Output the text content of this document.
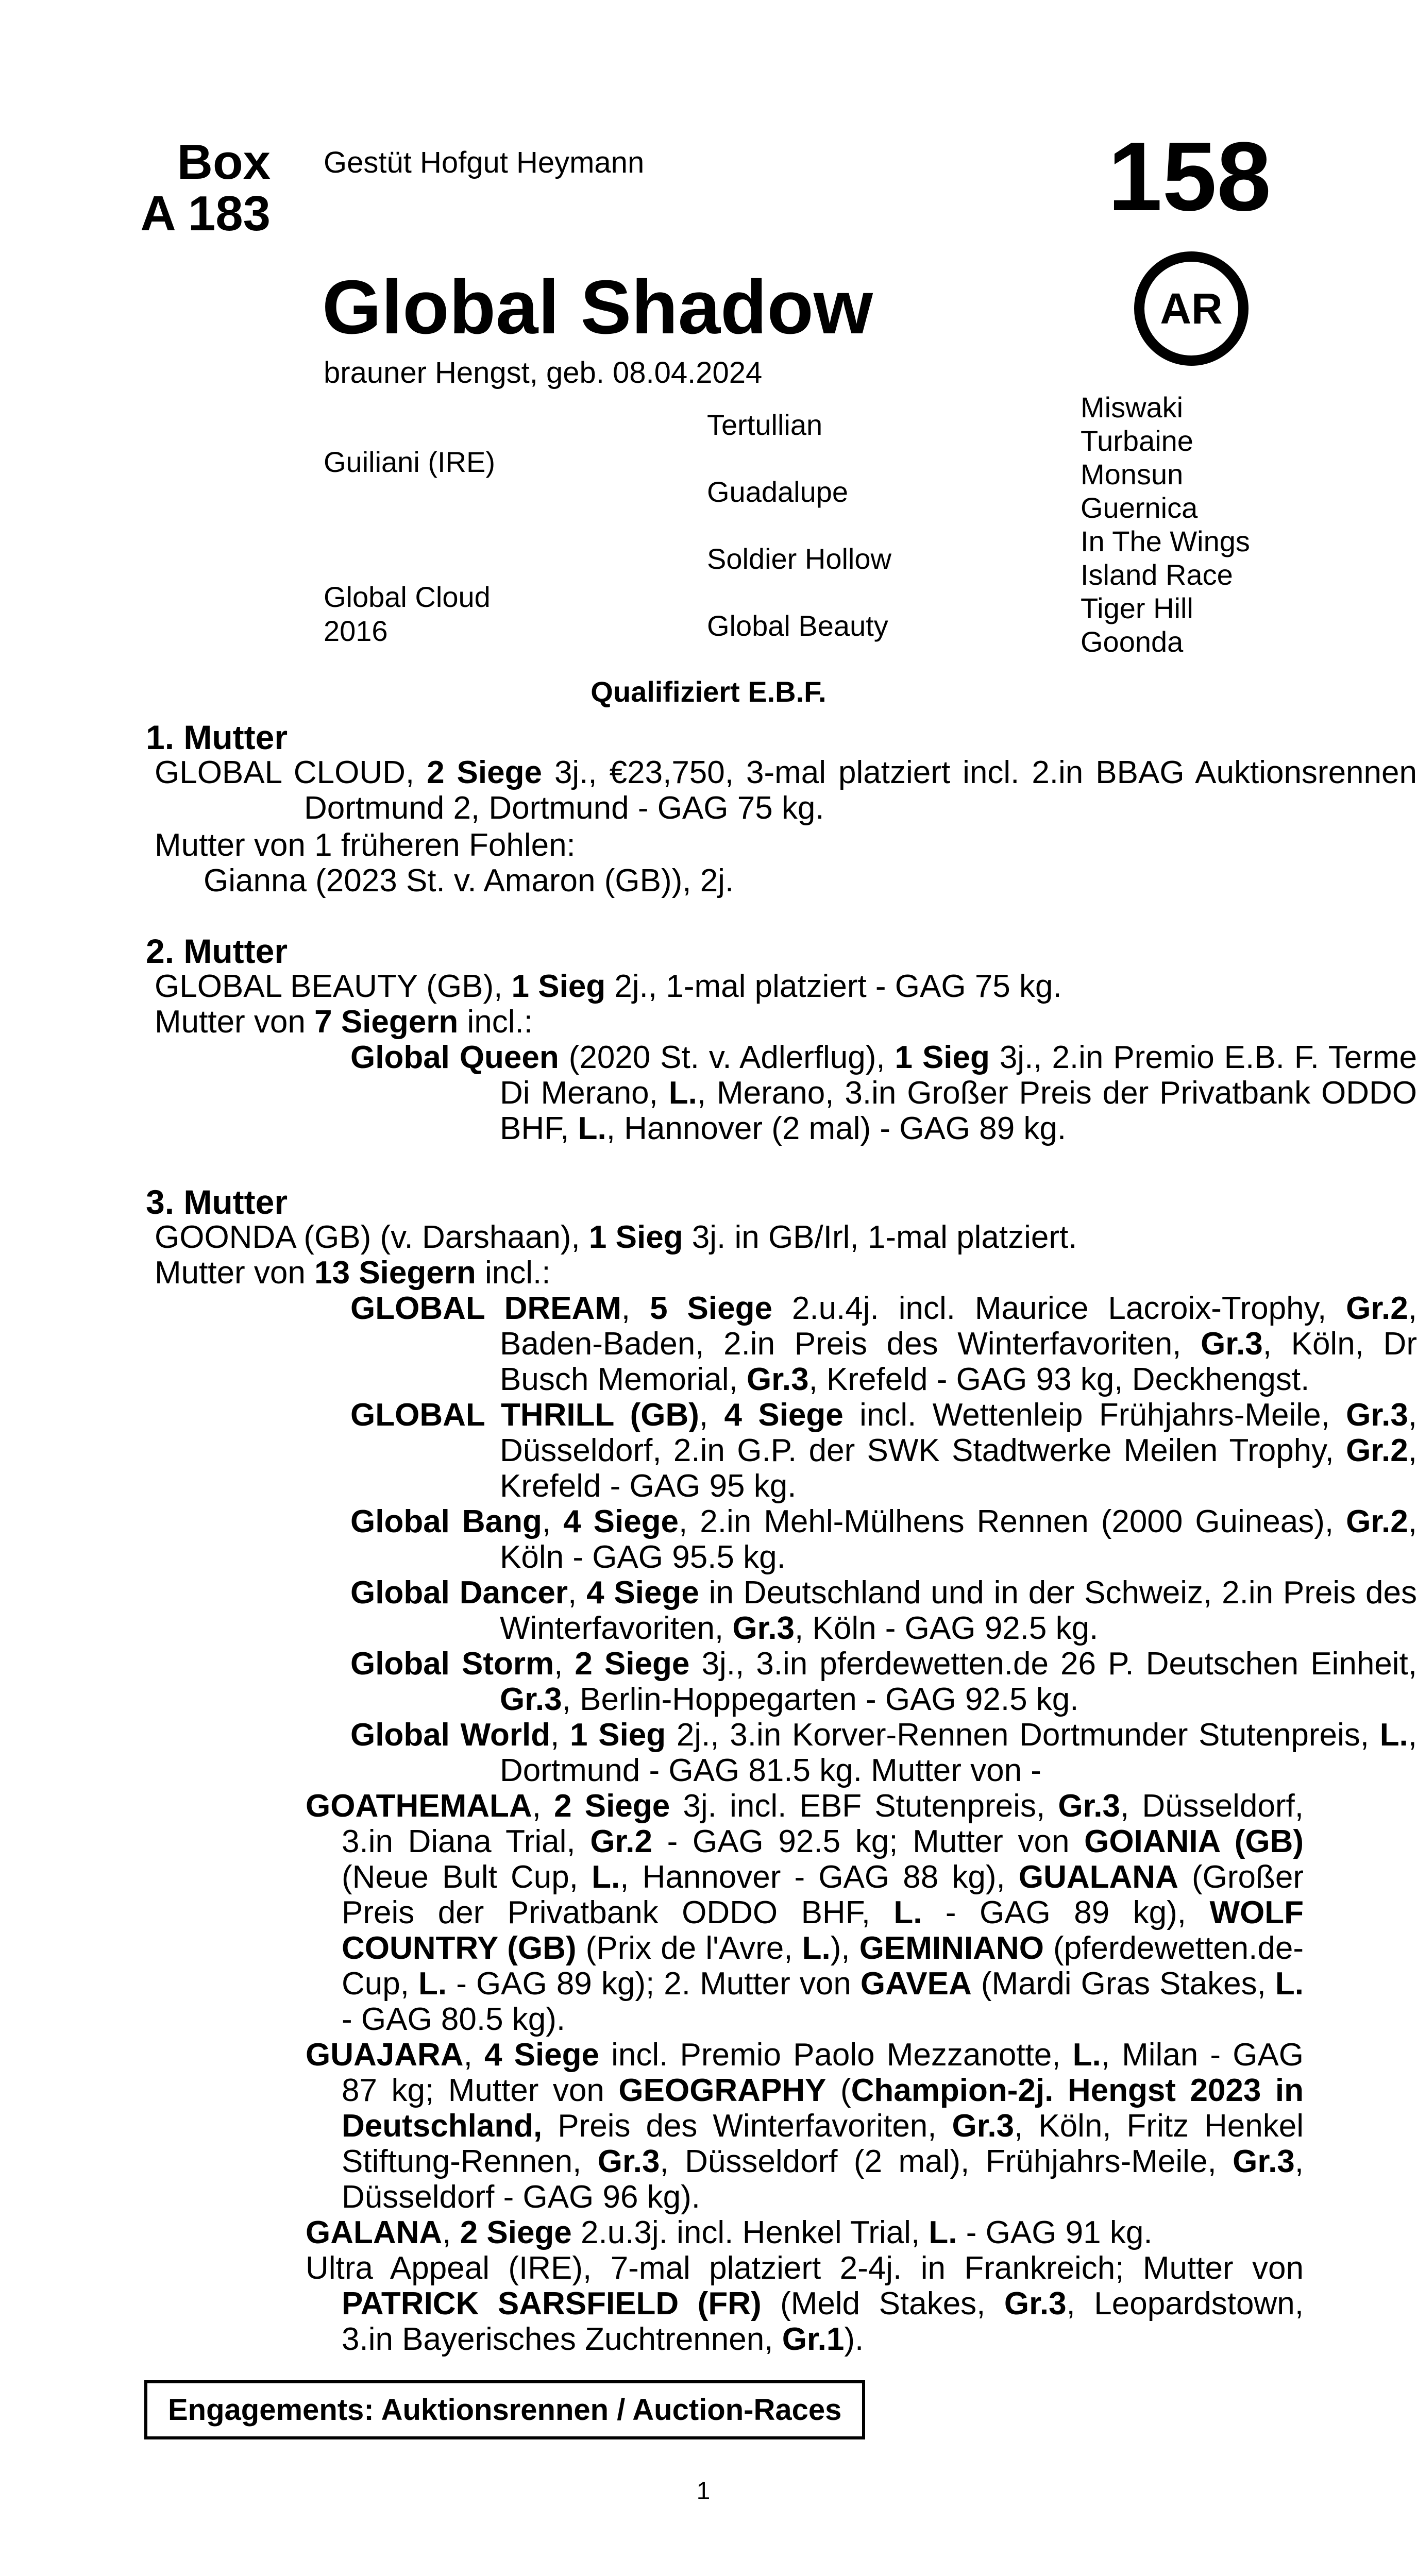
Box
A 183
Gestüt Hofgut Heymann	158
AR
Global Shadow
brauner Hengst, geb. 08.04.2024
Guiliani (IRE)
Global Cloud
2016
Tertullian
Guadalupe
Soldier Hollow
Global Beauty
Miswaki
Turbaine
Monsun
Guernica
In The Wings
Island Race
Tiger Hill
Goonda
Qualifiziert E.B.F.
1. Mutter
GLOBAL CLOUD, 2 Siege 3j., €23,750, 3-mal platziert incl. 2.in BBAG Auktionsrennen Dortmund 2, Dortmund - GAG 75 kg.
Mutter von 1 früheren Fohlen:
Gianna (2023 St. v. Amaron (GB)), 2j.
2. Mutter
GLOBAL BEAUTY (GB), 1 Sieg 2j., 1-mal platziert - GAG 75 kg.
Mutter von 7 Siegern incl.:
Global Queen (2020 St. v. Adlerflug), 1 Sieg 3j., 2.in Premio E.B. F. Terme Di Merano, L., Merano, 3.in Großer Preis der Privatbank ODDO BHF, L., Hannover (2 mal) - GAG 89 kg.
3. Mutter
GOONDA (GB) (v. Darshaan), 1 Sieg 3j. in GB/Irl, 1-mal platziert.
Mutter von 13 Siegern incl.:
GLOBAL DREAM, 5 Siege 2.u.4j. incl. Maurice Lacroix-Trophy, Gr.2, Baden-Baden, 2.in Preis des Winterfavoriten, Gr.3, Köln, Dr Busch Memorial, Gr.3, Krefeld - GAG 93 kg, Deckhengst.
GLOBAL THRILL (GB), 4 Siege incl. Wettenleip Frühjahrs-Meile, Gr.3, Düsseldorf, 2.in G.P. der SWK Stadtwerke Meilen Trophy, Gr.2, Krefeld - GAG 95 kg.
Global Bang, 4 Siege, 2.in Mehl-Mülhens Rennen (2000 Guineas), Gr.2, Köln - GAG 95.5 kg.
Global Dancer, 4 Siege in Deutschland und in der Schweiz, 2.in Preis des Winterfavoriten, Gr.3, Köln - GAG 92.5 kg.
Global Storm, 2 Siege 3j., 3.in pferdewetten.de 26 P. Deutschen Einheit, Gr.3, Berlin-Hoppegarten - GAG 92.5 kg.
Global World, 1 Sieg 2j., 3.in Korver-Rennen Dortmunder Stutenpreis, L., Dortmund - GAG 81.5 kg. Mutter von -
GOATHEMALA, 2 Siege 3j. incl. EBF Stutenpreis, Gr.3, Düsseldorf, 3.in Diana Trial, Gr.2 - GAG 92.5 kg; Mutter von GOIANIA (GB) (Neue Bult Cup, L., Hannover - GAG 88 kg), GUALANA (Großer Preis der Privatbank ODDO BHF, L. - GAG 89 kg), WOLF COUNTRY (GB) (Prix de l'Avre, L.), GEMINIANO (pferdewetten.de-Cup, L. - GAG 89 kg); 2. Mutter von GAVEA (Mardi Gras Stakes, L. - GAG 80.5 kg).
GUAJARA, 4 Siege incl. Premio Paolo Mezzanotte, L., Milan - GAG 87 kg; Mutter von GEOGRAPHY (Champion-2j. Hengst 2023 in Deutschland, Preis des Winterfavoriten, Gr.3, Köln, Fritz Henkel Stiftung-Rennen, Gr.3, Düsseldorf (2 mal), Frühjahrs-Meile, Gr.3, Düsseldorf - GAG 96 kg).
GALANA, 2 Siege 2.u.3j. incl. Henkel Trial, L. - GAG 91 kg.
Ultra Appeal (IRE), 7-mal platziert 2-4j. in Frankreich; Mutter von PATRICK SARSFIELD (FR) (Meld Stakes, Gr.3, Leopardstown, 3.in Bayerisches Zuchtrennen, Gr.1).
Engagements: Auktionsrennen / Auction-Races
1
